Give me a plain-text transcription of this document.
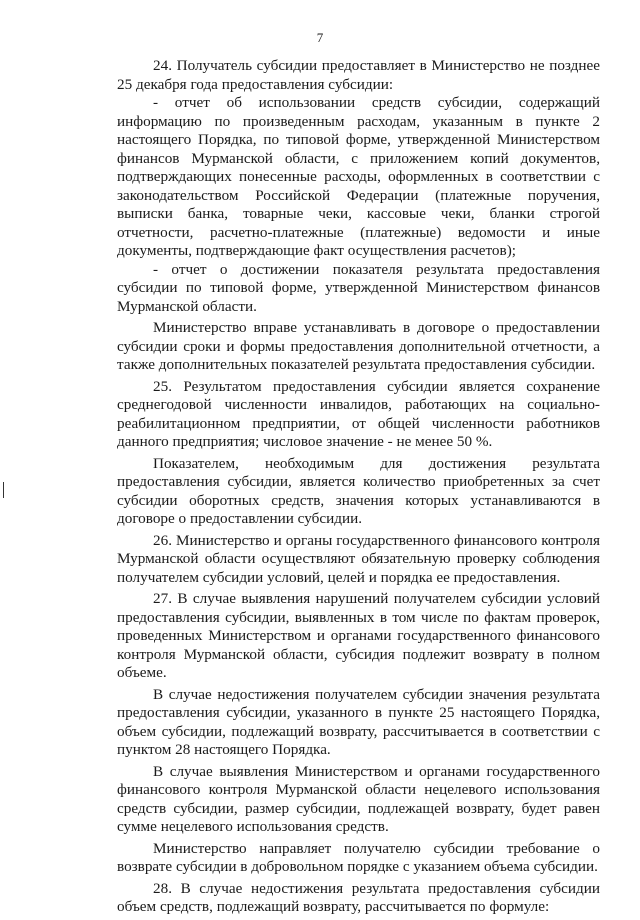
7

24. Получатель субсидии предоставляет в Министерство не позднее 25 декабря года предоставления субсидии:

- отчет об использовании средств субсидии, содержащий информацию по произведенным расходам, указанным в пункте 2 настоящего Порядка, по типовой форме, утвержденной Министерством финансов Мурманской области, с приложением копий документов, подтверждающих понесенные расходы, оформленных в соответствии с законодательством Российской Федерации (платежные поручения, выписки банка, товарные чеки, кассовые чеки, бланки строгой отчетности, расчетно-платежные (платежные) ведомости и иные документы, подтверждающие факт осуществления расчетов);

- отчет о достижении показателя результата предоставления субсидии по типовой форме, утвержденной Министерством финансов Мурманской области.

Министерство вправе устанавливать в договоре о предоставлении субсидии сроки и формы предоставления дополнительной отчетности, а также дополнительных показателей результата предоставления субсидии.

25. Результатом предоставления субсидии является сохранение среднегодовой численности инвалидов, работающих на социально-реабилитационном предприятии, от общей численности работников данного предприятия; числовое значение - не менее 50 %.

Показателем, необходимым для достижения результата предоставления субсидии, является количество приобретенных за счет субсидии оборотных средств, значения которых устанавливаются в договоре о предоставлении субсидии.

26. Министерство и органы государственного финансового контроля Мурманской области осуществляют обязательную проверку соблюдения получателем субсидии условий, целей и порядка ее предоставления.

27. В случае выявления нарушений получателем субсидии условий предоставления субсидии, выявленных в том числе по фактам проверок, проведенных Министерством и органами государственного финансового контроля Мурманской области, субсидия подлежит возврату в полном объеме.

В случае недостижения получателем субсидии значения результата предоставления субсидии, указанного в пункте 25 настоящего Порядка, объем субсидии, подлежащий возврату, рассчитывается в соответствии с пунктом 28 настоящего Порядка.

В случае выявления Министерством и органами государственного финансового контроля Мурманской области нецелевого использования средств субсидии, размер субсидии, подлежащей возврату, будет равен сумме нецелевого использования средств.

Министерство направляет получателю субсидии требование о возврате субсидии в добровольном порядке с указанием объема субсидии.

28. В случае недостижения результата предоставления субсидии объем средств, подлежащий возврату, рассчитывается по формуле:
